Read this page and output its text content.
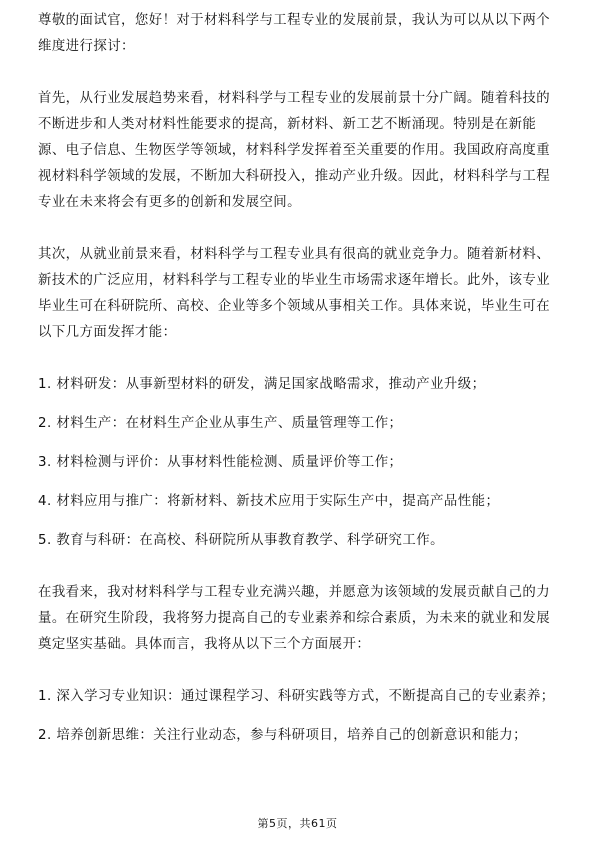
尊敬的面试官，您好！对于材料科学与工程专业的发展前景，我认为可以从以下两个维度进行探讨：

首先，从行业发展趋势来看，材料科学与工程专业的发展前景十分广阔。随着科技的不断进步和人类对材料性能要求的提高，新材料、新工艺不断涌现。特别是在新能源、电子信息、生物医学等领域，材料科学发挥着至关重要的作用。我国政府高度重视材料科学领域的发展，不断加大科研投入，推动产业升级。因此，材料科学与工程专业在未来将会有更多的创新和发展空间。

其次，从就业前景来看，材料科学与工程专业具有很高的就业竞争力。随着新材料、新技术的广泛应用，材料科学与工程专业的毕业生市场需求逐年增长。此外，该专业毕业生可在科研院所、高校、企业等多个领域从事相关工作。具体来说，毕业生可在以下几方面发挥才能：

1. 材料研发：从事新型材料的研发，满足国家战略需求，推动产业升级；
2. 材料生产：在材料生产企业从事生产、质量管理等工作；
3. 材料检测与评价：从事材料性能检测、质量评价等工作；
4. 材料应用与推广：将新材料、新技术应用于实际生产中，提高产品性能；
5. 教育与科研：在高校、科研院所从事教育教学、科学研究工作。

在我看来，我对材料科学与工程专业充满兴趣，并愿意为该领域的发展贡献自己的力量。在研究生阶段，我将努力提高自己的专业素养和综合素质，为未来的就业和发展奠定坚实基础。具体而言，我将从以下三个方面展开：

1. 深入学习专业知识：通过课程学习、科研实践等方式，不断提高自己的专业素养；
2. 培养创新思维：关注行业动态，参与科研项目，培养自己的创新意识和能力；
第5页，共61页
